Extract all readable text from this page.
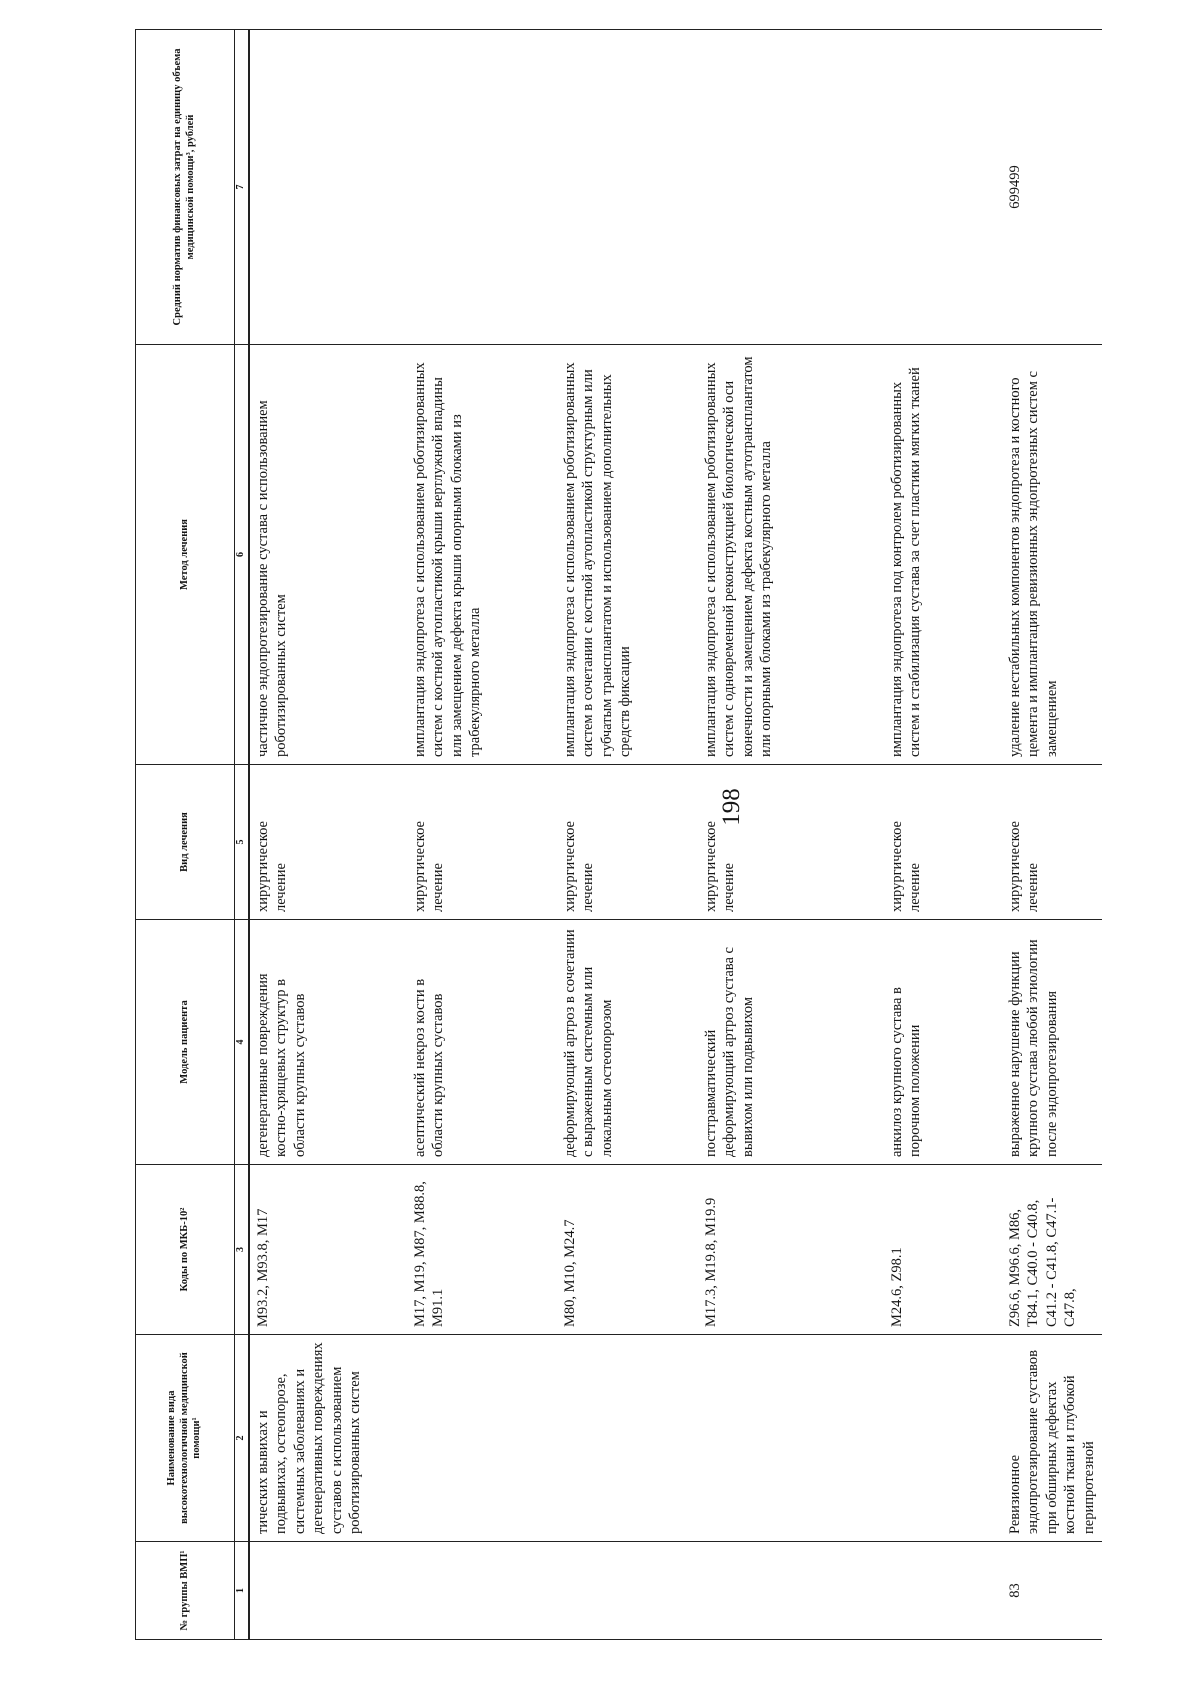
198
№ группы ВМП¹	Наименование вида высокотехнологичной медицинской помощи¹	Коды по МКБ-10²	Модель пациента	Вид лечения	Метод лечения	Средний норматив финансовых затрат на единицу объема медицинской помощи³, рублей
1	2	3	4	5	6	7
	тических вывихах и подвывихах, остеопорозе, системных заболеваниях и дегенеративных повреждениях суставов с использованием роботизированных систем	M93.2, M93.8, M17	дегенеративные повреждения костно-хрящевых структур в области крупных суставов	хирургическое лечение	частичное эндопротезирование сустава с использованием роботизированных систем	
		M17, M19, M87, M88.8, M91.1	асептический некроз кости в области крупных суставов	хирургическое лечение	имплантация эндопротеза с использованием роботизированных систем с костной аутопластикой крыши вертлужной впадины или замещением дефекта крыши опорными блоками из трабекулярного металла	
		M80, M10, M24.7	деформирующий артроз в сочетании с выраженным системным или локальным остеопорозом	хирургическое лечение	имплантация эндопротеза с использованием роботизированных систем в сочетании с костной аутопластикой структурным или губчатым трансплантатом и использованием дополнительных средств фиксации	
		M17.3, M19.8, M19.9	посттравматический деформирующий артроз сустава с вывихом или подвывихом	хирургическое лечение	имплантация эндопротеза с использованием роботизированных систем с одновременной реконструкцией биологической оси конечности и замещением дефекта костным аутотрансплантатом или опорными блоками из трабекулярного металла	
		M24.6, Z98.1	анкилоз крупного сустава в порочном положении	хирургическое лечение	имплантация эндопротеза под контролем роботизированных систем и стабилизация сустава за счет пластики мягких тканей	
83	Ревизионное эндопротезирование суставов при обширных дефектах костной ткани и глубокой перипротезной	Z96.6, M96.6, M86, T84.1, C40.0 - C40.8, C41.2 - C41.8, C47.1-C47.8,	выраженное нарушение функции крупного сустава любой этиологии после эндопротезирования	хирургическое лечение	удаление нестабильных компонентов эндопротеза и костного цемента и имплантация ревизионных эндопротезных систем с замещением	699499
